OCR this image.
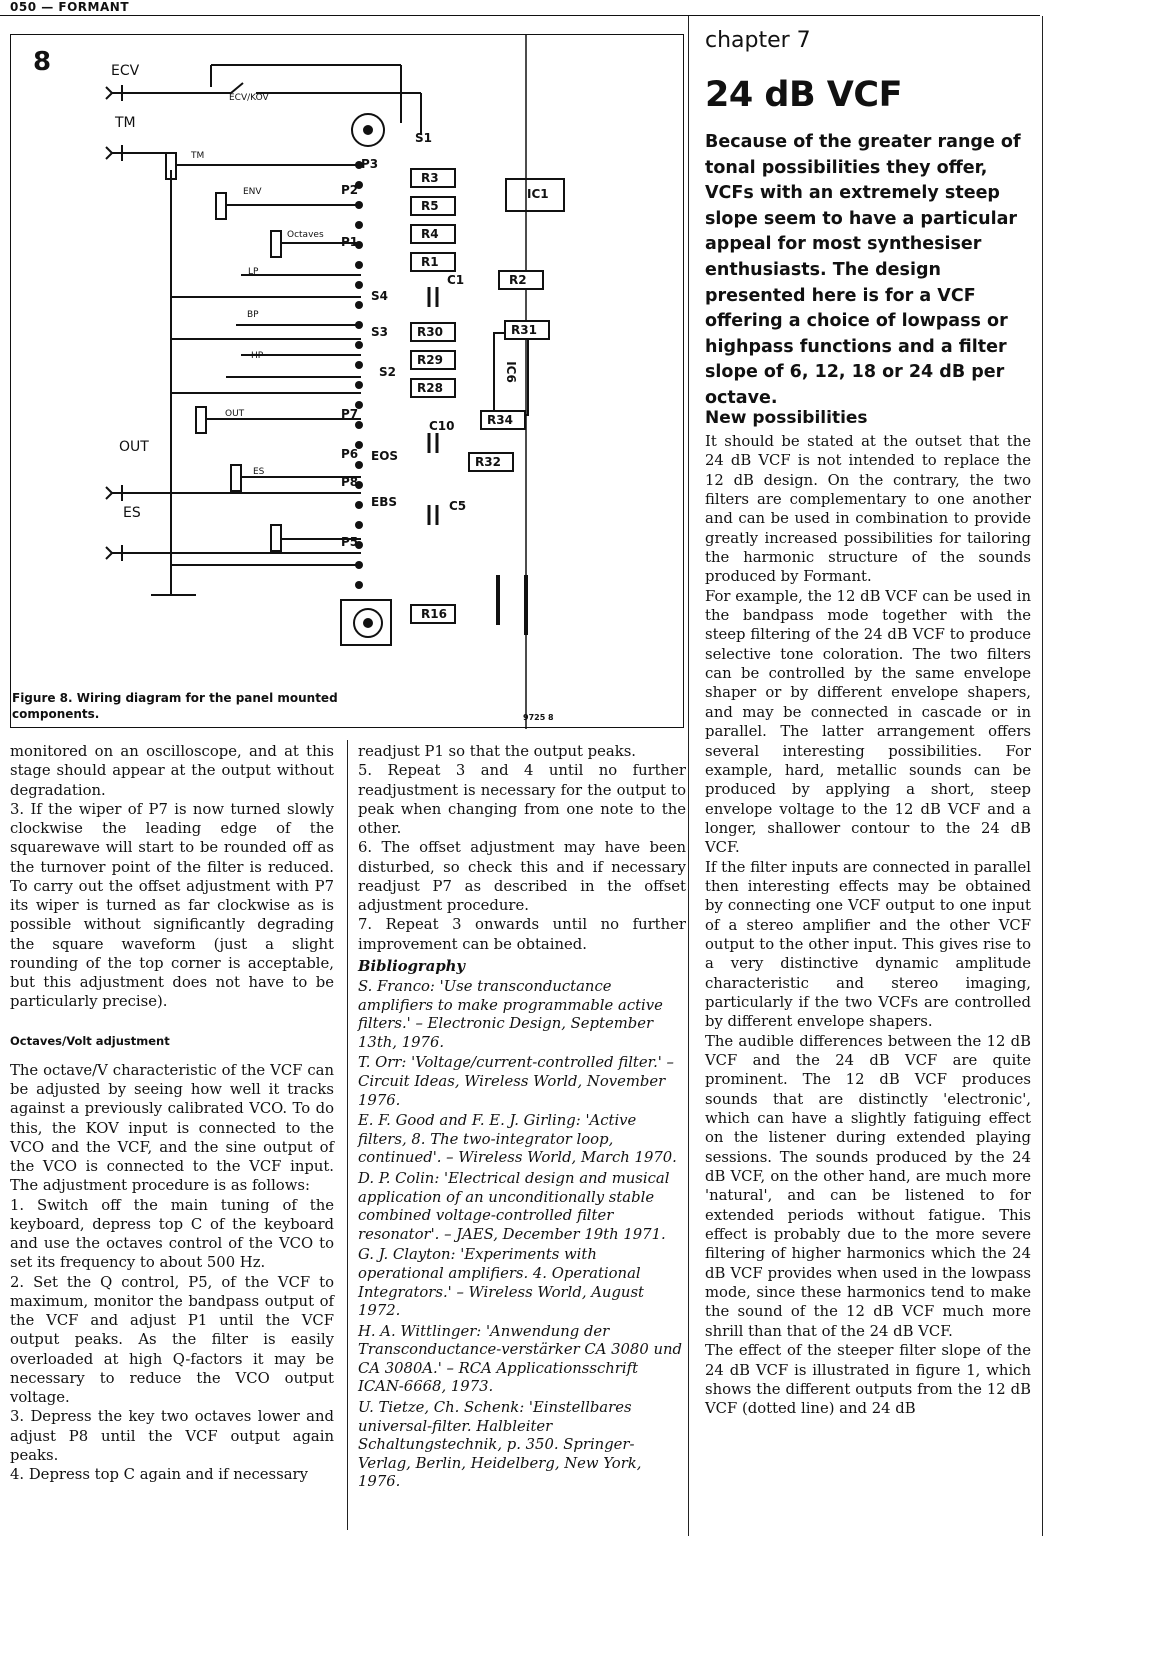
050 — FORMANT
8	ECV
TM
OUT
ES
ECV/KOV
TM
ENV
Octaves
LP
BP
HP
OUT
ES
S1
P3
P2
P1
S4
S3
S2
P7
EOS
P6
P8
EBS
P5
R3
R5
R4
R1
R2
R30	R31
R29
R28
R34
R32
R16
C1
C10
C5
IC1
IC6
9725 8
Figure 8. Wiring diagram for the panel mounted components.
chapter 7
24 dB VCF

Because of the greater range of tonal possibilities they offer, VCFs with an extremely steep slope seem to have a particular appeal for most synthesiser enthusiasts. The design presented here is for a VCF offering a choice of lowpass or highpass functions and a filter slope of 6, 12, 18 or 24 dB per octave.

New possibilities

It should be stated at the outset that the 24 dB VCF is not intended to replace the 12 dB design. On the contrary, the two filters are complementary to one another and can be used in combination to provide greatly increased possibilities for tailoring the harmonic structure of the sounds produced by Formant.

For example, the 12 dB VCF can be used in the bandpass mode together with the steep filtering of the 24 dB VCF to produce selective tone coloration. The two filters can be controlled by the same envelope shaper or by different envelope shapers, and may be connected in cascade or in parallel. The latter arrangement offers several interesting possibilities. For example, hard, metallic sounds can be produced by applying a short, steep envelope voltage to the 12 dB VCF and a longer, shallower contour to the 24 dB VCF.

If the filter inputs are connected in parallel then interesting effects may be obtained by connecting one VCF output to one input of a stereo amplifier and the other VCF output to the other input. This gives rise to a very distinctive dynamic amplitude characteristic and stereo imaging, particularly if the two VCFs are controlled by different envelope shapers.

The audible differences between the 12 dB VCF and the 24 dB VCF are quite prominent. The 12 dB VCF produces sounds that are distinctly 'electronic', which can have a slightly fatiguing effect on the listener during extended playing sessions. The sounds produced by the 24 dB VCF, on the other hand, are much more 'natural', and can be listened to for extended periods without fatigue. This effect is probably due to the more severe filtering of higher harmonics which the 24 dB VCF provides when used in the lowpass mode, since these harmonics tend to make the sound of the 12 dB VCF much more shrill than that of the 24 dB VCF.

The effect of the steeper filter slope of the 24 dB VCF is illustrated in figure 1, which shows the different outputs from the 12 dB VCF (dotted line) and 24 dB

monitored on an oscilloscope, and at this stage should appear at the output without degradation.

3. If the wiper of P7 is now turned slowly clockwise the leading edge of the squarewave will start to be rounded off as the turnover point of the filter is reduced. To carry out the offset adjustment with P7 its wiper is turned as far clockwise as is possible without significantly degrading the square waveform (just a slight rounding of the top corner is acceptable, but this adjustment does not have to be particularly precise).

Octaves/Volt adjustment

The octave/V characteristic of the VCF can be adjusted by seeing how well it tracks against a previously calibrated VCO. To do this, the KOV input is connected to the VCO and the VCF, and the sine output of the VCO is connected to the VCF input. The adjustment procedure is as follows:

1. Switch off the main tuning of the keyboard, depress top C of the keyboard and use the octaves control of the VCO to set its frequency to about 500 Hz.

2. Set the Q control, P5, of the VCF to maximum, monitor the bandpass output of the VCF and adjust P1 until the VCF output peaks. As the filter is easily overloaded at high Q-factors it may be necessary to reduce the VCO output voltage.

3. Depress the key two octaves lower and adjust P8 until the VCF output again peaks.

4. Depress top C again and if necessary

readjust P1 so that the output peaks.

5. Repeat 3 and 4 until no further readjustment is necessary for the output to peak when changing from one note to the other.

6. The offset adjustment may have been disturbed, so check this and if necessary readjust P7 as described in the offset adjustment procedure.

7. Repeat 3 onwards until no further improvement can be obtained.

Bibliography

S. Franco: 'Use transconductance amplifiers to make programmable active filters.' – Electronic Design, September 13th, 1976.

T. Orr: 'Voltage/current-controlled filter.' – Circuit Ideas, Wireless World, November 1976.

E. F. Good and F. E. J. Girling: 'Active filters, 8. The two-integrator loop, continued'. – Wireless World, March 1970.

D. P. Colin: 'Electrical design and musical application of an unconditionally stable combined voltage-controlled filter resonator'. – JAES, December 19th 1971.

G. J. Clayton: 'Experiments with operational amplifiers. 4. Operational Integrators.' – Wireless World, August 1972.

H. A. Wittlinger: 'Anwendung der Transconductance-verstärker CA 3080 und CA 3080A.' – RCA Applicationsschrift ICAN-6668, 1973.

U. Tietze, Ch. Schenk: 'Einstellbares universal-filter. Halbleiter Schaltungstechnik, p. 350. Springer-Verlag, Berlin, Heidelberg, New York, 1976.
